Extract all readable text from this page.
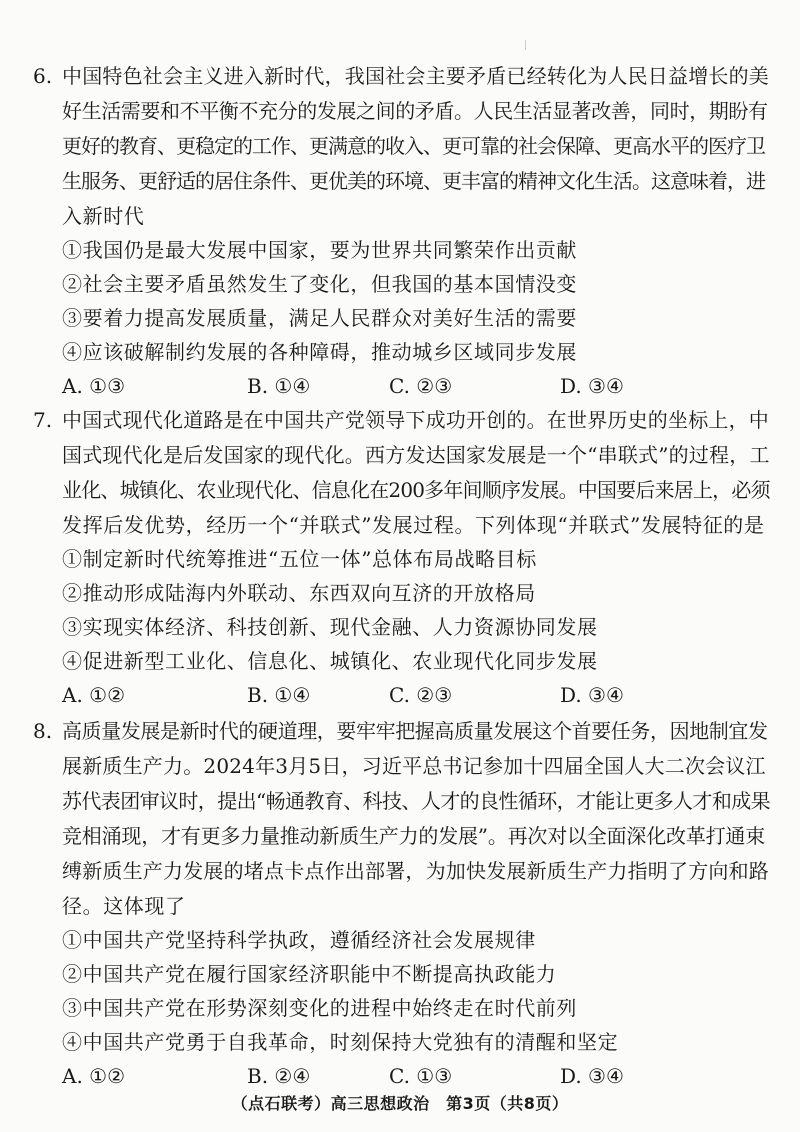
6. 中国特色社会主义进入新时代，我国社会主要矛盾已经转化为人民日益增长的美
好生活需要和不平衡不充分的发展之间的矛盾。人民生活显著改善，同时，期盼有
更好的教育、更稳定的工作、更满意的收入、更可靠的社会保障、更高水平的医疗卫
生服务、更舒适的居住条件、更优美的环境、更丰富的精神文化生活。这意味着，进
入新时代
①我国仍是最大发展中国家，要为世界共同繁荣作出贡献
②社会主要矛盾虽然发生了变化，但我国的基本国情没变
③要着力提高发展质量，满足人民群众对美好生活的需要
④应该破解制约发展的各种障碍，推动城乡区域同步发展
A. ①③	B. ①④	C. ②③	D. ③④
7. 中国式现代化道路是在中国共产党领导下成功开创的。在世界历史的坐标上，中
国式现代化是后发国家的现代化。西方发达国家发展是一个“串联式”的过程，工
业化、城镇化、农业现代化、信息化在200多年间顺序发展。中国要后来居上，必须
发挥后发优势，经历一个“并联式”发展过程。下列体现“并联式”发展特征的是
①制定新时代统筹推进“五位一体”总体布局战略目标
②推动形成陆海内外联动、东西双向互济的开放格局
③实现实体经济、科技创新、现代金融、人力资源协同发展
④促进新型工业化、信息化、城镇化、农业现代化同步发展
A. ①②	B. ①④	C. ②③	D. ③④
8. 高质量发展是新时代的硬道理，要牢牢把握高质量发展这个首要任务，因地制宜发
展新质生产力。2024年3月5日，习近平总书记参加十四届全国人大二次会议江
苏代表团审议时，提出“畅通教育、科技、人才的良性循环，才能让更多人才和成果
竞相涌现，才有更多力量推动新质生产力的发展”。再次对以全面深化改革打通束
缚新质生产力发展的堵点卡点作出部署，为加快发展新质生产力指明了方向和路
径。这体现了
①中国共产党坚持科学执政，遵循经济社会发展规律
②中国共产党在履行国家经济职能中不断提高执政能力
③中国共产党在形势深刻变化的进程中始终走在时代前列
④中国共产党勇于自我革命，时刻保持大党独有的清醒和坚定
A. ①②	B. ②④	C. ①③	D. ③④
（点石联考）高三思想政治　第3页（共8页）
